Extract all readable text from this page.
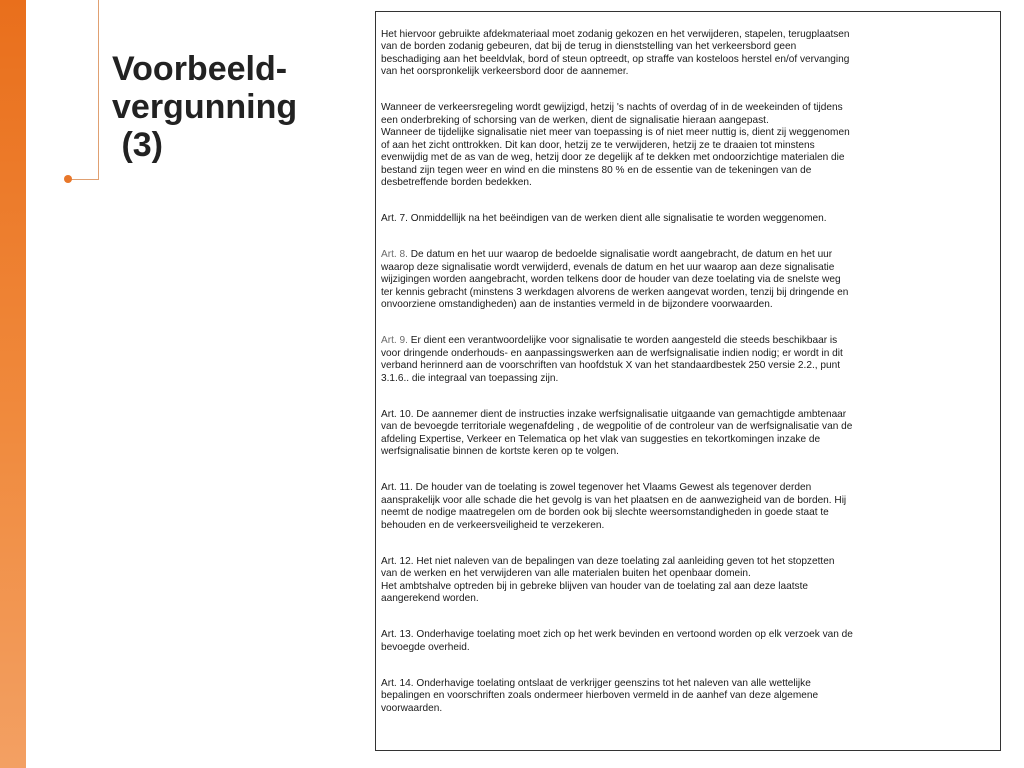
Voorbeeld-
vergunning
(3)

Het hiervoor gebruikte afdekmateriaal moet zodanig gekozen en het verwijderen, stapelen, terugplaatsen
van de borden zodanig gebeuren, dat bij de terug in dienststelling van het verkeersbord geen
beschadiging aan het beeldvlak, bord of steun optreedt, op straffe van kosteloos herstel en/of vervanging
van het oorspronkelijk verkeersbord door de aannemer.

Wanneer de verkeersregeling wordt gewijzigd, hetzij 's nachts of overdag of in de weekeinden of tijdens
een onderbreking of schorsing van de werken, dient de signalisatie hieraan aangepast.
Wanneer de tijdelijke signalisatie niet meer van toepassing is of niet meer nuttig is, dient zij weggenomen
of aan het zicht onttrokken. Dit kan door, hetzij ze te verwijderen, hetzij ze te draaien tot minstens
evenwijdig met de as van de weg, hetzij door ze degelijk af te dekken met ondoorzichtige materialen die
bestand zijn tegen weer en wind en die minstens 80 % en de essentie van de tekeningen van de
desbetreffende borden bedekken.

Art. 7. Onmiddellijk na het beëindigen van de werken dient alle signalisatie te worden weggenomen.

Art. 8. De datum en het uur waarop de bedoelde signalisatie wordt aangebracht, de datum en het uur
waarop deze signalisatie wordt verwijderd, evenals de datum en het uur waarop aan deze signalisatie
wijzigingen worden aangebracht, worden telkens door de houder van deze toelating via de snelste weg
ter kennis gebracht (minstens 3 werkdagen alvorens de werken aangevat worden, tenzij bij dringende en
onvoorziene omstandigheden) aan de instanties vermeld in de bijzondere voorwaarden.

Art. 9. Er dient een verantwoordelijke voor signalisatie te worden aangesteld die steeds beschikbaar is
voor dringende onderhouds- en aanpassingswerken aan de werfsignalisatie indien nodig; er wordt in dit
verband herinnerd aan de voorschriften van hoofdstuk X van het standaardbestek 250 versie 2.2., punt
3.1.6.. die integraal van toepassing zijn.

Art. 10. De aannemer dient de instructies inzake werfsignalisatie uitgaande van gemachtigde ambtenaar
van de bevoegde territoriale wegenafdeling , de wegpolitie of de controleur van de werfsignalisatie van de
afdeling Expertise, Verkeer en Telematica op het vlak van suggesties en tekortkomingen inzake de
werfsignalisatie binnen de kortste keren op te volgen.

Art. 11. De houder van de toelating is zowel tegenover het Vlaams Gewest als tegenover derden
aansprakelijk voor alle schade die het gevolg is van het plaatsen en de aanwezigheid van de borden. Hij
neemt de nodige maatregelen om de borden ook bij slechte weersomstandigheden in goede staat te
behouden en de verkeersveiligheid te verzekeren.

Art. 12. Het niet naleven van de bepalingen van deze toelating zal aanleiding geven tot het stopzetten
van de werken en het verwijderen van alle materialen buiten het openbaar domein.
Het ambtshalve optreden bij in gebreke blijven van houder van de toelating zal aan deze laatste
aangerekend worden.

Art. 13. Onderhavige toelating moet zich op het werk bevinden en vertoond worden op elk verzoek van de
bevoegde overheid.

Art. 14. Onderhavige toelating ontslaat de verkrijger geenszins tot het naleven van alle wettelijke
bepalingen en voorschriften zoals ondermeer hierboven vermeld in de aanhef van deze algemene
voorwaarden.
